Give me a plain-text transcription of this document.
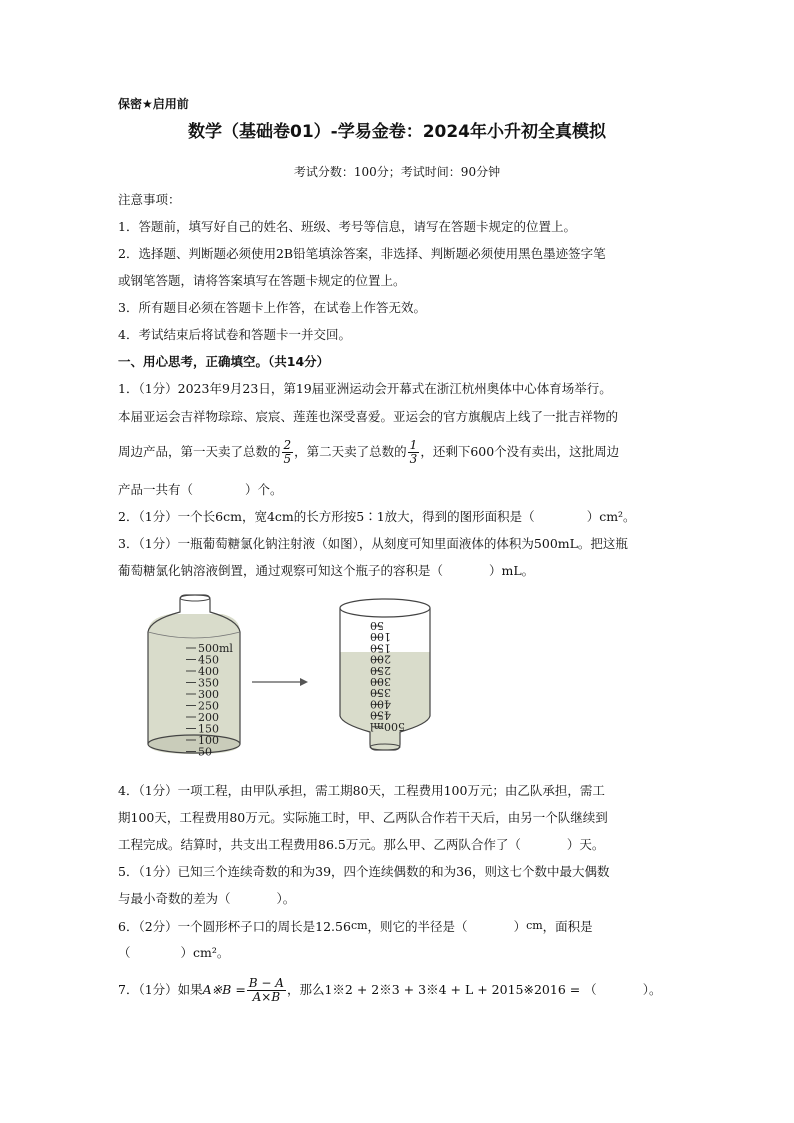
保密★启用前
数学（基础卷01）-学易金卷：2024年小升初全真模拟
考试分数：100分；考试时间：90分钟
注意事项：
1．答题前，填写好自己的姓名、班级、考号等信息，请写在答题卡规定的位置上。
2．选择题、判断题必须使用2B铅笔填涂答案，非选择、判断题必须使用黑色墨迹签字笔
或钢笔答题，请将答案填写在答题卡规定的位置上。
3．所有题目必须在答题卡上作答，在试卷上作答无效。
4．考试结束后将试卷和答题卡一并交回。
一、用心思考，正确填空。（共14分）
1．（1分）2023年9月23日，第19届亚洲运动会开幕式在浙江杭州奥体中心体育场举行。
本届亚运会吉祥物琮琮、宸宸、莲莲也深受喜爱。亚运会的官方旗舰店上线了一批吉祥物的
周边产品，第一天卖了总数的 $\frac{2}{5}$ ，第二天卖了总数的 $\frac{1}{3}$ ，还剩下600个没有卖出，这批周边
产品一共有（	）个。
2．（1分）一个长6cm，宽4cm的长方形按5∶1放大，得到的图形面积是（	）cm²。
3．（1分）一瓶葡萄糖氯化钠注射液（如图），从刻度可知里面液体的体积为500mL。把这瓶
葡萄糖氯化钠溶液倒置，通过观察可知这个瓶子的容积是（	）mL。
500ml
450
400
350
300
250
200
150
100
50
50
100
150
200
250
300
350
400
450
500ml
4．（1分）一项工程，由甲队承担，需工期80天，工程费用100万元；由乙队承担，需工
期100天，工程费用80万元。实际施工时，甲、乙两队合作若干天后，由另一个队继续到
工程完成。结算时，共支出工程费用86.5万元。那么甲、乙两队合作了（	）天。
5．（1分）已知三个连续奇数的和为39，四个连续偶数的和为36，则这七个数中最大偶数
与最小奇数的差为（	）。
6．（2分）一个圆形杯子口的周长是12.56cm，则它的半径是（	）cm，面积是
（	）cm²。
7．（1分）如果A※B = $\frac{B - A}{A\times B}$ ，那么1※2 + 2※3 + 3※4 + L + 2015※2016 = （	）。
